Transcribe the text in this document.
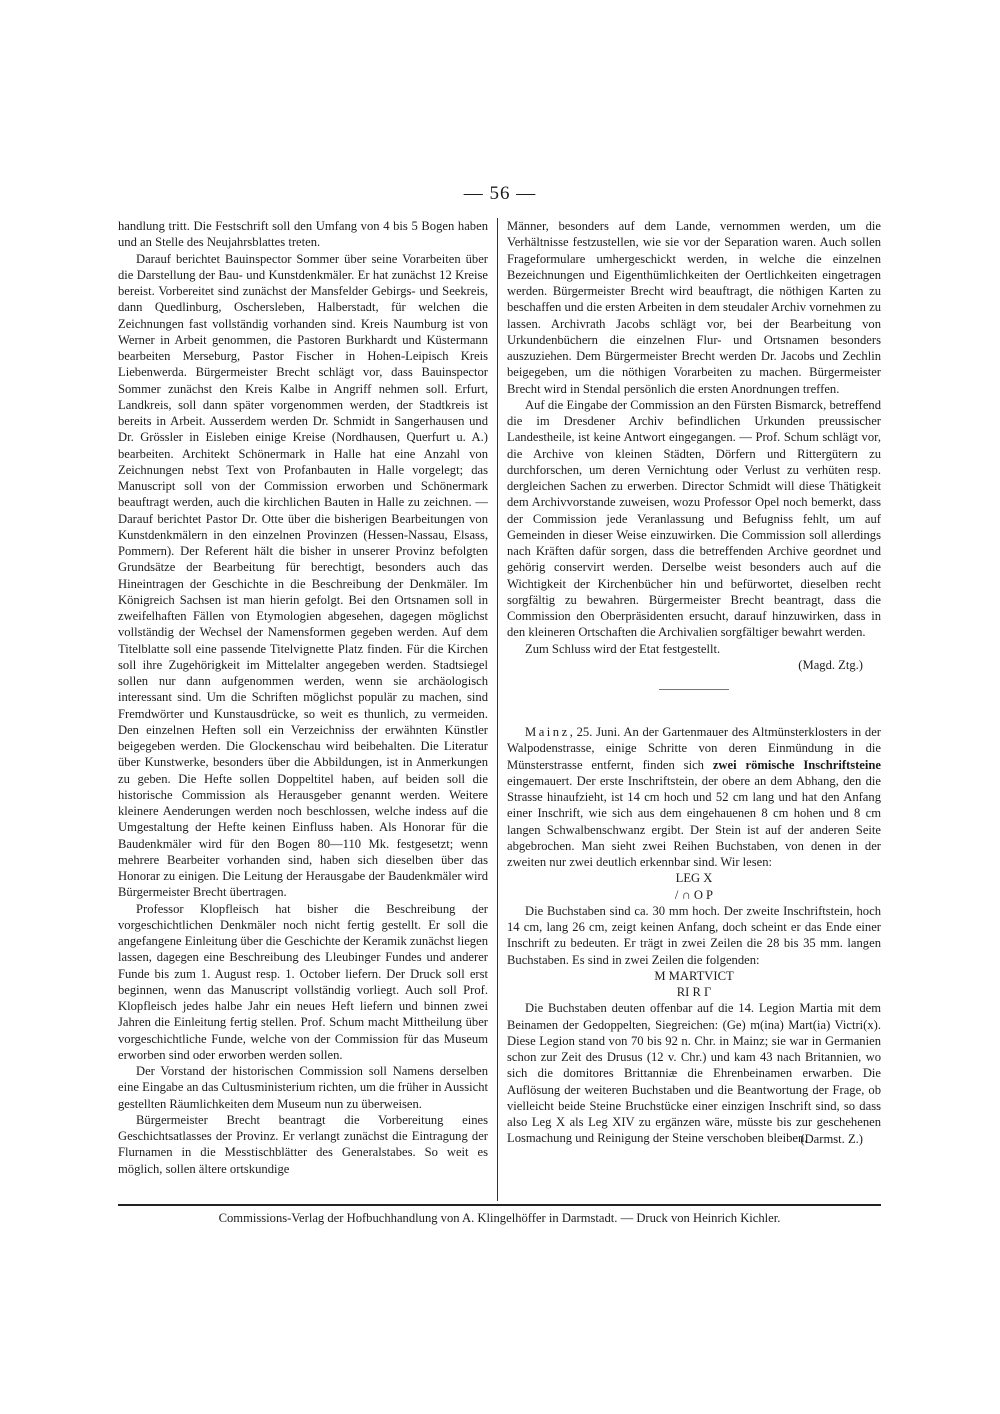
— 56 —

handlung tritt. Die Festschrift soll den Umfang von 4 bis 5 Bogen haben und an Stelle des Neujahrsblattes treten.

Darauf berichtet Bauinspector Sommer über seine Vorarbeiten über die Darstellung der Bau- und Kunstdenkmäler. Er hat zunächst 12 Kreise bereist. Vorbereitet sind zunächst der Mansfelder Gebirgs- und Seekreis, dann Quedlinburg, Oschersleben, Halberstadt, für welchen die Zeichnungen fast vollständig vorhanden sind. Kreis Naumburg ist von Werner in Arbeit genommen, die Pastoren Burkhardt und Küstermann bearbeiten Merseburg, Pastor Fischer in Hohen-Leipisch Kreis Liebenwerda. Bürgermeister Brecht schlägt vor, dass Bauinspector Sommer zunächst den Kreis Kalbe in Angriff nehmen soll. Erfurt, Landkreis, soll dann später vorgenommen werden, der Stadtkreis ist bereits in Arbeit. Ausserdem werden Dr. Schmidt in Sangerhausen und Dr. Grössler in Eisleben einige Kreise (Nordhausen, Querfurt u. A.) bearbeiten. Architekt Schönermark in Halle hat eine Anzahl von Zeichnungen nebst Text von Profanbauten in Halle vorgelegt; das Manuscript soll von der Commission erworben und Schönermark beauftragt werden, auch die kirchlichen Bauten in Halle zu zeichnen. — Darauf berichtet Pastor Dr. Otte über die bisherigen Bearbeitungen von Kunstdenkmälern in den einzelnen Provinzen (Hessen-Nassau, Elsass, Pommern). Der Referent hält die bisher in unserer Provinz befolgten Grundsätze der Bearbeitung für berechtigt, besonders auch das Hineintragen der Geschichte in die Beschreibung der Denkmäler. Im Königreich Sachsen ist man hierin gefolgt. Bei den Ortsnamen soll in zweifelhaften Fällen von Etymologien abgesehen, dagegen möglichst vollständig der Wechsel der Namensformen gegeben werden. Auf dem Titelblatte soll eine passende Titelvignette Platz finden. Für die Kirchen soll ihre Zugehörigkeit im Mittelalter angegeben werden. Stadtsiegel sollen nur dann aufgenommen werden, wenn sie archäologisch interessant sind. Um die Schriften möglichst populär zu machen, sind Fremdwörter und Kunstausdrücke, so weit es thunlich, zu vermeiden. Den einzelnen Heften soll ein Verzeichniss der erwähnten Künstler beigegeben werden. Die Glockenschau wird beibehalten. Die Literatur über Kunstwerke, besonders über die Abbildungen, ist in Anmerkungen zu geben. Die Hefte sollen Doppeltitel haben, auf beiden soll die historische Commission als Herausgeber genannt werden. Weitere kleinere Aenderungen werden noch beschlossen, welche indess auf die Umgestaltung der Hefte keinen Einfluss haben. Als Honorar für die Baudenkmäler wird für den Bogen 80—110 Mk. festgesetzt; wenn mehrere Bearbeiter vorhanden sind, haben sich dieselben über das Honorar zu einigen. Die Leitung der Herausgabe der Baudenkmäler wird Bürgermeister Brecht übertragen.

Professor Klopfleisch hat bisher die Beschreibung der vorgeschichtlichen Denkmäler noch nicht fertig gestellt. Er soll die angefangene Einleitung über die Geschichte der Keramik zunächst liegen lassen, dagegen eine Beschreibung des Lleubinger Fundes und anderer Funde bis zum 1. August resp. 1. October liefern. Der Druck soll erst beginnen, wenn das Manuscript vollständig vorliegt. Auch soll Prof. Klopfleisch jedes halbe Jahr ein neues Heft liefern und binnen zwei Jahren die Einleitung fertig stellen. Prof. Schum macht Mittheilung über vorgeschichtliche Funde, welche von der Commission für das Museum erworben sind oder erworben werden sollen.

Der Vorstand der historischen Commission soll Namens derselben eine Eingabe an das Cultusministerium richten, um die früher in Aussicht gestellten Räumlichkeiten dem Museum nun zu überweisen.

Bürgermeister Brecht beantragt die Vorbereitung eines Geschichtsatlasses der Provinz. Er verlangt zunächst die Eintragung der Flurnamen in die Messtischblätter des Generalstabes. So weit es möglich, sollen ältere ortskundige

Männer, besonders auf dem Lande, vernommen werden, um die Verhältnisse festzustellen, wie sie vor der Separation waren. Auch sollen Frageformulare umhergeschickt werden, in welche die einzelnen Bezeichnungen und Eigenthümlichkeiten der Oertlichkeiten eingetragen werden. Bürgermeister Brecht wird beauftragt, die nöthigen Karten zu beschaffen und die ersten Arbeiten in dem steudaler Archiv vornehmen zu lassen. Archivrath Jacobs schlägt vor, bei der Bearbeitung von Urkundenbüchern die einzelnen Flur- und Ortsnamen besonders auszuziehen. Dem Bürgermeister Brecht werden Dr. Jacobs und Zechlin beigegeben, um die nöthigen Vorarbeiten zu machen. Bürgermeister Brecht wird in Stendal persönlich die ersten Anordnungen treffen.

Auf die Eingabe der Commission an den Fürsten Bismarck, betreffend die im Dresdener Archiv befindlichen Urkunden preussischer Landestheile, ist keine Antwort eingegangen. — Prof. Schum schlägt vor, die Archive von kleinen Städten, Dörfern und Rittergütern zu durchforschen, um deren Vernichtung oder Verlust zu verhüten resp. dergleichen Sachen zu erwerben. Director Schmidt will diese Thätigkeit dem Archivvorstande zuweisen, wozu Professor Opel noch bemerkt, dass der Commission jede Veranlassung und Befugniss fehlt, um auf Gemeinden in dieser Weise einzuwirken. Die Commission soll allerdings nach Kräften dafür sorgen, dass die betreffenden Archive geordnet und gehörig conservirt werden. Derselbe weist besonders auch auf die Wichtigkeit der Kirchenbücher hin und befürwortet, dieselben recht sorgfältig zu bewahren. Bürgermeister Brecht beantragt, dass die Commission den Oberpräsidenten ersucht, darauf hinzuwirken, dass in den kleineren Ortschaften die Archivalien sorgfältiger bewahrt werden.

Zum Schluss wird der Etat festgestellt.

(Magd. Ztg.)

Mainz, 25. Juni. An der Gartenmauer des Altmünsterklosters in der Walpodenstrasse, einige Schritte von deren Einmündung in die Münsterstrasse entfernt, finden sich zwei römische Inschriftsteine eingemauert. Der erste Inschriftstein, der obere an dem Abhang, den die Strasse hinaufzieht, ist 14 cm hoch und 52 cm lang und hat den Anfang einer Inschrift, wie sich aus dem eingehauenen 8 cm hohen und 8 cm langen Schwalbenschwanz ergibt. Der Stein ist auf der anderen Seite abgebrochen. Man sieht zwei Reihen Buchstaben, von denen in der zweiten nur zwei deutlich erkennbar sind. Wir lesen:

LEG X

/ ∩ O P

Die Buchstaben sind ca. 30 mm hoch. Der zweite Inschriftstein, hoch 14 cm, lang 26 cm, zeigt keinen Anfang, doch scheint er das Ende einer Inschrift zu bedeuten. Er trägt in zwei Zeilen die 28 bis 35 mm. langen Buchstaben. Es sind in zwei Zeilen die folgenden:

M MARTVICT

RI R Γ

Die Buchstaben deuten offenbar auf die 14. Legion Martia mit dem Beinamen der Gedoppelten, Siegreichen: (Ge) m(ina) Mart(ia) Victri(x). Diese Legion stand von 70 bis 92 n. Chr. in Mainz; sie war in Germanien schon zur Zeit des Drusus (12 v. Chr.) und kam 43 nach Britannien, wo sich die domitores Brittanniæ die Ehrenbeinamen erwarben. Die Auflösung der weiteren Buchstaben und die Beantwortung der Frage, ob vielleicht beide Steine Bruchstücke einer einzigen Inschrift sind, so dass also Leg X als Leg XIV zu ergänzen wäre, müsste bis zur geschehenen Losmachung und Reinigung der Steine verschoben bleiben.

(Darmst. Z.)

Commissions-Verlag der Hofbuchhandlung von A. Klingelhöffer in Darmstadt. — Druck von Heinrich Kichler.
